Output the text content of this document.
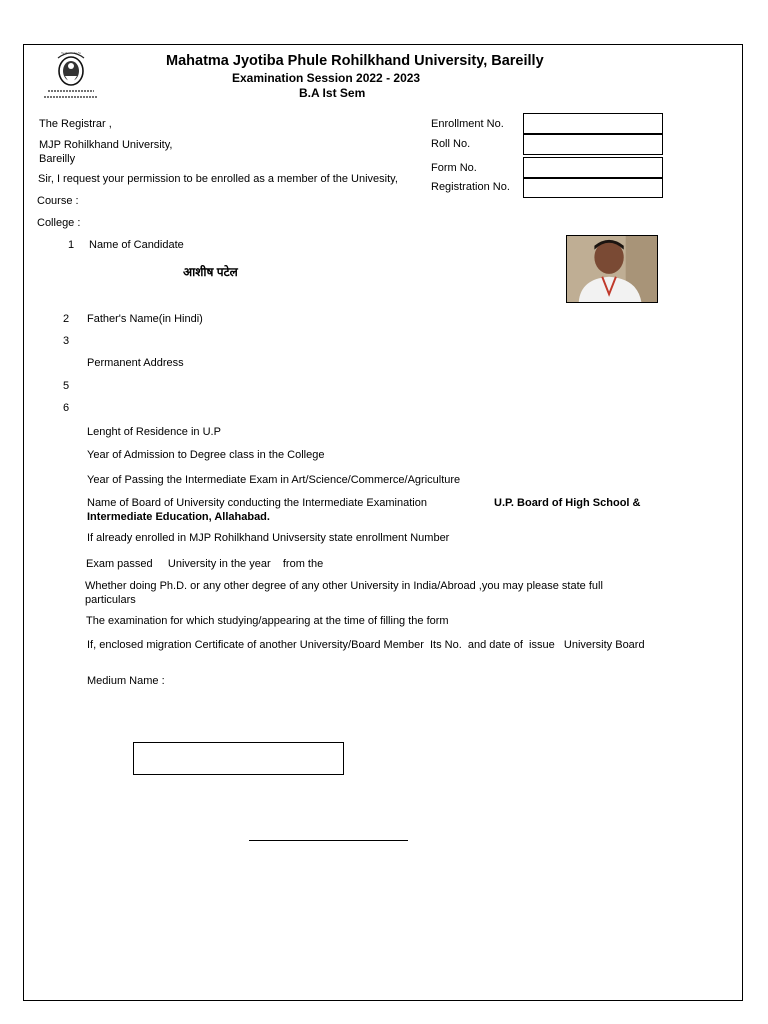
~~~~~	Mahatma Jyotiba Phule Rohilkhand University, Bareilly
Examination Session 2022 - 2023
B.A Ist Sem
The Registrar ,
MJP Rohilkhand University,
Bareilly
Sir, I request your permission to be enrolled as a member of the Univesity,
Enrollment No.
Roll No.
Form No.
Registration No.
Course :
College :
1 Name of Candidate
आशीष पटेल
2 Father's Name(in Hindi)
3
Permanent Address
5
6
Lenght of Residence in U.P
Year of Admission to Degree class in the College
Year of Passing the Intermediate Exam in Art/Science/Commerce/Agriculture
Name of Board of University conducting the Intermediate Examination	U.P. Board of High School &
Intermediate Education, Allahabad.
If already enrolled in MJP Rohilkhand Univsersity state enrollment Number
Exam passed     University in the year    from the
Whether doing Ph.D. or any other degree of any other University in India/Abroad ,you may please state full particulars
The examination for which studying/appearing at the time of filling the form
If, enclosed migration Certificate of another University/Board Member  Its No.  and date of  issue   University Board
Medium Name :
